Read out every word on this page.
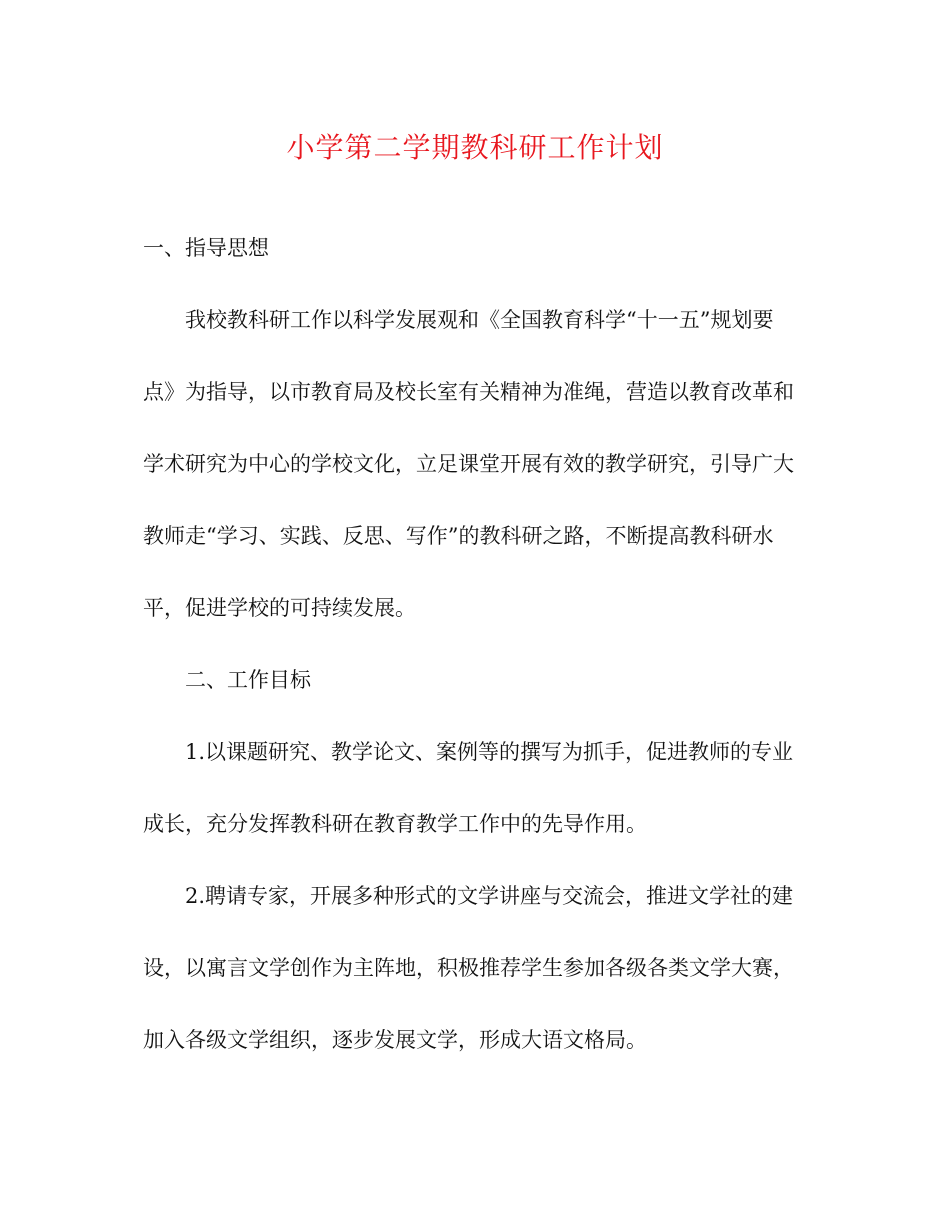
小学第二学期教科研工作计划

一、指导思想

我校教科研工作以科学发展观和《全国教育科学“十一五”规划要点》为指导，以市教育局及校长室有关精神为准绳，营造以教育改革和学术研究为中心的学校文化，立足课堂开展有效的教学研究，引导广大教师走“学习、实践、反思、写作”的教科研之路，不断提高教科研水平，促进学校的可持续发展。

二、工作目标

1.以课题研究、教学论文、案例等的撰写为抓手，促进教师的专业成长，充分发挥教科研在教育教学工作中的先导作用。

2.聘请专家，开展多种形式的文学讲座与交流会，推进文学社的建设，以寓言文学创作为主阵地，积极推荐学生参加各级各类文学大赛，加入各级文学组织，逐步发展文学，形成大语文格局。
